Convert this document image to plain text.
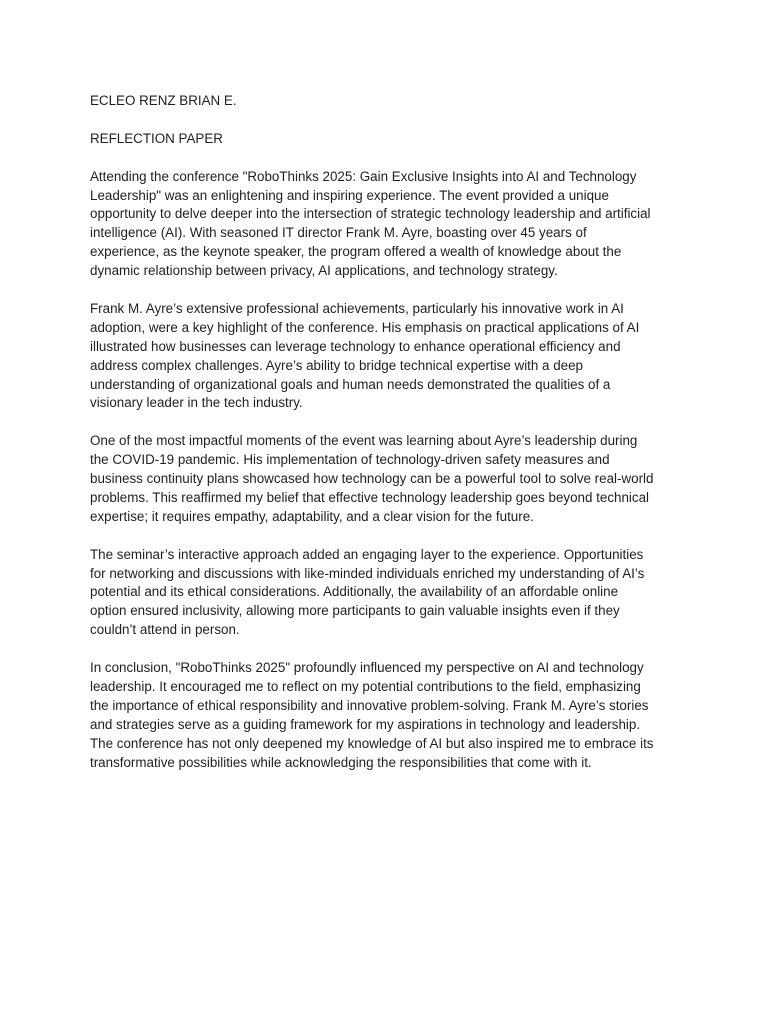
ECLEO RENZ BRIAN E.
REFLECTION PAPER
Attending the conference "RoboThinks 2025: Gain Exclusive Insights into AI and Technology
Leadership" was an enlightening and inspiring experience. The event provided a unique
opportunity to delve deeper into the intersection of strategic technology leadership and artificial
intelligence (AI). With seasoned IT director Frank M. Ayre, boasting over 45 years of
experience, as the keynote speaker, the program offered a wealth of knowledge about the
dynamic relationship between privacy, AI applications, and technology strategy.
Frank M. Ayre’s extensive professional achievements, particularly his innovative work in AI
adoption, were a key highlight of the conference. His emphasis on practical applications of AI
illustrated how businesses can leverage technology to enhance operational efficiency and
address complex challenges. Ayre’s ability to bridge technical expertise with a deep
understanding of organizational goals and human needs demonstrated the qualities of a
visionary leader in the tech industry.
One of the most impactful moments of the event was learning about Ayre’s leadership during
the COVID-19 pandemic. His implementation of technology-driven safety measures and
business continuity plans showcased how technology can be a powerful tool to solve real-world
problems. This reaffirmed my belief that effective technology leadership goes beyond technical
expertise; it requires empathy, adaptability, and a clear vision for the future.
The seminar’s interactive approach added an engaging layer to the experience. Opportunities
for networking and discussions with like-minded individuals enriched my understanding of AI’s
potential and its ethical considerations. Additionally, the availability of an affordable online
option ensured inclusivity, allowing more participants to gain valuable insights even if they
couldn’t attend in person.
In conclusion, "RoboThinks 2025" profoundly influenced my perspective on AI and technology
leadership. It encouraged me to reflect on my potential contributions to the field, emphasizing
the importance of ethical responsibility and innovative problem-solving. Frank M. Ayre’s stories
and strategies serve as a guiding framework for my aspirations in technology and leadership.
The conference has not only deepened my knowledge of AI but also inspired me to embrace its
transformative possibilities while acknowledging the responsibilities that come with it.
